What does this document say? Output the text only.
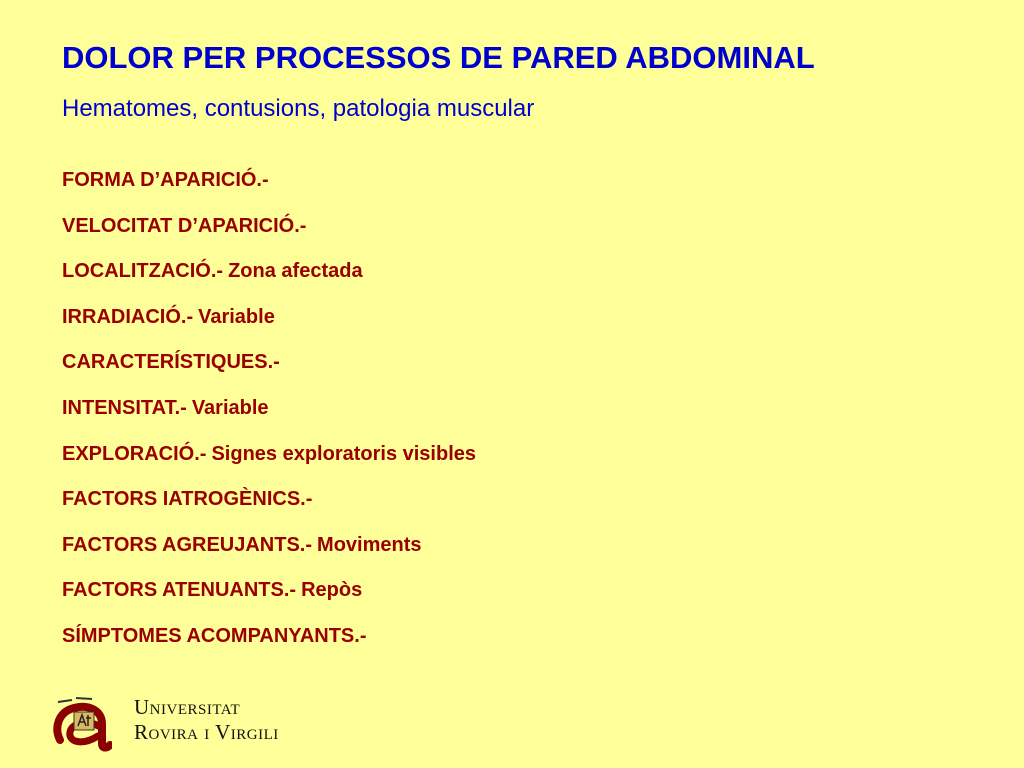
DOLOR PER PROCESSOS DE PARED ABDOMINAL
Hematomes, contusions, patologia muscular
FORMA D’APARICIÓ.-
VELOCITAT D’APARICIÓ.-
LOCALITZACIÓ.- Zona afectada
IRRADIACIÓ.- Variable
CARACTERÍSTIQUES.-
INTENSITAT.- Variable
EXPLORACIÓ.- Signes exploratoris visibles
FACTORS IATROGÈNICS.-
FACTORS AGREUJANTS.- Moviments
FACTORS ATENUANTS.- Repòs
SÍMPTOMES ACOMPANYANTS.-
Universitat
Rovira i Virgili
